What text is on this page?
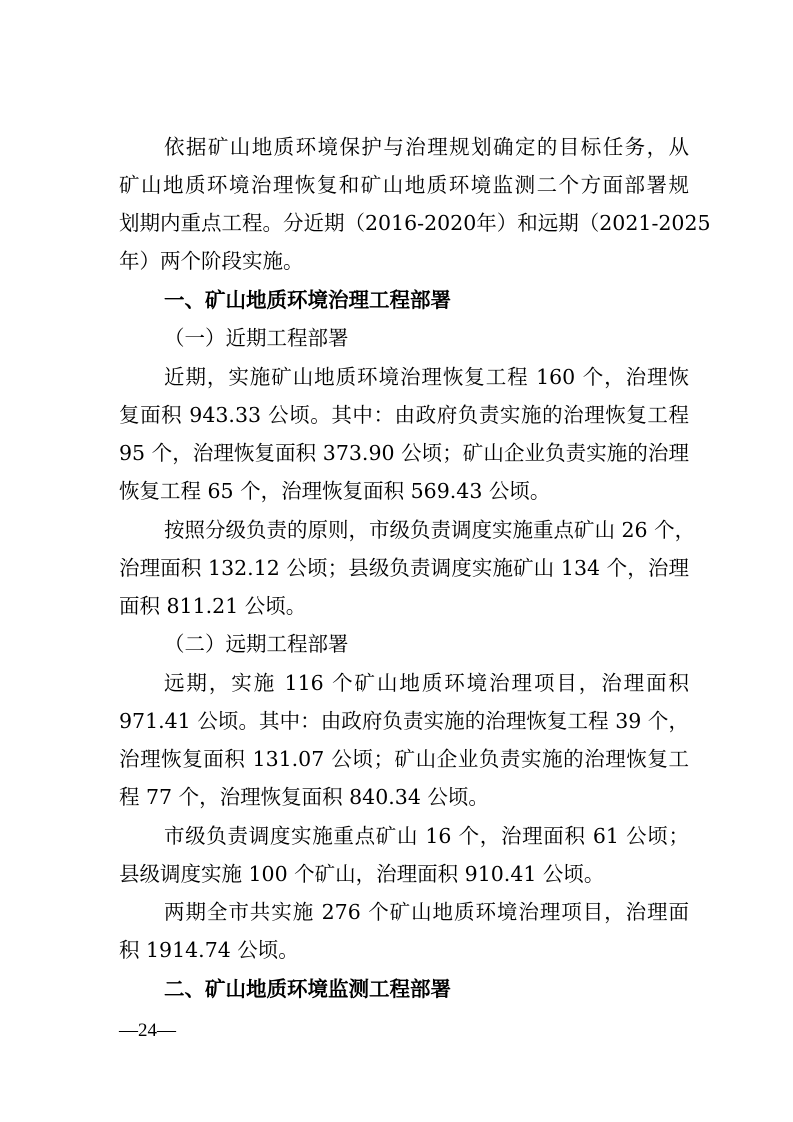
依据矿山地质环境保护与治理规划确定的目标任务，从
矿山地质环境治理恢复和矿山地质环境监测二个方面部署规
划期内重点工程。分近期（2016-2020年）和远期（2021-2025
年）两个阶段实施。
一、矿山地质环境治理工程部署
（一）近期工程部署
近期，实施矿山地质环境治理恢复工程 160 个，治理恢
复面积 943.33 公顷。其中：由政府负责实施的治理恢复工程
95 个，治理恢复面积 373.90 公顷；矿山企业负责实施的治理
恢复工程 65 个，治理恢复面积 569.43 公顷。
按照分级负责的原则，市级负责调度实施重点矿山 26 个，
治理面积 132.12 公顷；县级负责调度实施矿山 134 个，治理
面积 811.21 公顷。
（二）远期工程部署
远期，实施 116 个矿山地质环境治理项目，治理面积
971.41 公顷。其中：由政府负责实施的治理恢复工程 39 个，
治理恢复面积 131.07 公顷；矿山企业负责实施的治理恢复工
程 77 个，治理恢复面积 840.34 公顷。
市级负责调度实施重点矿山 16 个，治理面积 61 公顷；
县级调度实施 100 个矿山，治理面积 910.41 公顷。
两期全市共实施 276 个矿山地质环境治理项目，治理面
积 1914.74 公顷。
二、矿山地质环境监测工程部署
—24—
